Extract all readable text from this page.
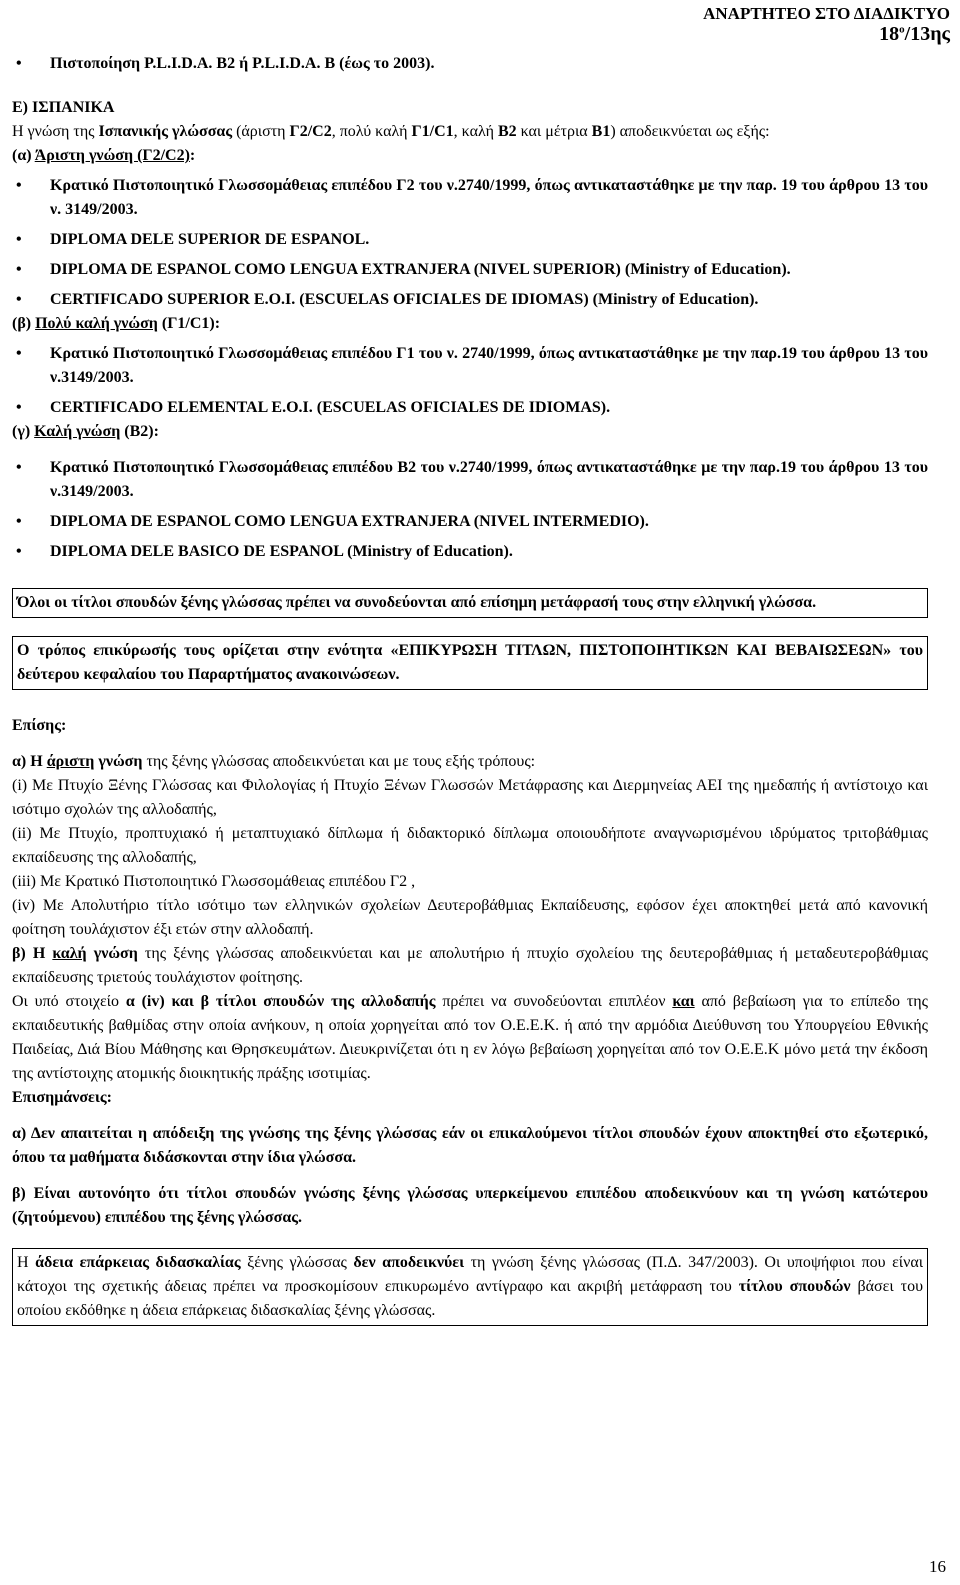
ΑΝΑΡΤΗΤΕΟ ΣΤΟ ΔΙΑΔΙΚΤΥΟ
$18^o/13\eta\varsigma$
• Πιστοποίηση P.L.I.D.A. B2 ή P.L.I.D.A. B (έως το 2003).
Ε) ΙΣΠΑΝΙΚΑ

Η γνώση της Ισπανικής γλώσσας (άριστη Γ2/C2, πολύ καλή Γ1/C1, καλή Β2 και μέτρια Β1) αποδεικνύεται ως εξής:

(α) Άριστη γνώση (Γ2/C2):
• Κρατικό Πιστοποιητικό Γλωσσομάθειας επιπέδου Γ2 του ν.2740/1999, όπως αντικαταστάθηκε με την παρ. 19 του άρθρου 13 του ν. 3149/2003.
• DIPLOMA DELE SUPERIOR DE ESPANOL.
• DIPLOMA DE ESPANOL COMO LENGUA EXTRANJERA (NIVEL SUPERIOR) (Ministry of Education).
• CERTIFICADO SUPERIOR E.O.I. (ESCUELAS OFICIALES DE IDIOMAS) (Ministry of Education).
(β) Πολύ καλή γνώση (Γ1/C1):
• Κρατικό Πιστοποιητικό Γλωσσομάθειας επιπέδου Γ1 του ν. 2740/1999, όπως αντικαταστάθηκε με την παρ.19 του άρθρου 13 του ν.3149/2003.
• CERTIFICADO ELEMENTAL E.O.I. (ESCUELAS OFICIALES DE IDIOMAS).
(γ) Καλή γνώση (Β2):
• Κρατικό Πιστοποιητικό Γλωσσομάθειας επιπέδου Β2 του ν.2740/1999, όπως αντικαταστάθηκε με την παρ.19 του άρθρου 13 του ν.3149/2003.
• DIPLOMA DE ESPANOL COMO LENGUA EXTRANJERA (NIVEL INTERMEDIO).
• DIPLOMA DELE BASICO DE ESPANOL (Ministry of Education).
Όλοι οι τίτλοι σπουδών ξένης γλώσσας πρέπει να συνοδεύονται από επίσημη μετάφρασή τους στην ελληνική γλώσσα.
Ο τρόπος επικύρωσής τους ορίζεται στην ενότητα «ΕΠΙΚΥΡΩΣΗ ΤΙΤΛΩΝ, ΠΙΣΤΟΠΟΙΗΤΙΚΩΝ ΚΑΙ ΒΕΒΑΙΩΣΕΩΝ» του δεύτερου κεφαλαίου του Παραρτήματος ανακοινώσεων.
Επίσης:

α) Η άριστη γνώση της ξένης γλώσσας αποδεικνύεται και με τους εξής τρόπους:

(i) Με Πτυχίο Ξένης Γλώσσας και Φιλολογίας ή Πτυχίο Ξένων Γλωσσών Μετάφρασης και Διερμηνείας ΑΕΙ της ημεδαπής ή αντίστοιχο και ισότιμο σχολών της αλλοδαπής,

(ii) Με Πτυχίο, προπτυχιακό ή μεταπτυχιακό δίπλωμα ή διδακτορικό δίπλωμα οποιουδήποτε αναγνωρισμένου ιδρύματος τριτοβάθμιας εκπαίδευσης της αλλοδαπής,

(iii) Με Κρατικό Πιστοποιητικό Γλωσσομάθειας επιπέδου Γ2 ,

(iv) Με Απολυτήριο τίτλο ισότιμο των ελληνικών σχολείων Δευτεροβάθμιας Εκπαίδευσης, εφόσον έχει αποκτηθεί μετά από κανονική φοίτηση τουλάχιστον έξι ετών στην αλλοδαπή.

β) Η καλή γνώση της ξένης γλώσσας αποδεικνύεται και με απολυτήριο ή πτυχίο σχολείου της δευτεροβάθμιας ή μεταδευτεροβάθμιας εκπαίδευσης τριετούς τουλάχιστον φοίτησης.

Οι υπό στοιχείο α (iv) και β τίτλοι σπουδών της αλλοδαπής πρέπει να συνοδεύονται επιπλέον και από βεβαίωση για το επίπεδο της εκπαιδευτικής βαθμίδας στην οποία ανήκουν, η οποία χορηγείται από τον Ο.Ε.Ε.Κ. ή από την αρμόδια Διεύθυνση του Υπουργείου Εθνικής Παιδείας, Διά Βίου Μάθησης και Θρησκευμάτων. Διευκρινίζεται ότι η εν λόγω βεβαίωση χορηγείται από τον Ο.Ε.Ε.Κ μόνο μετά την έκδοση της αντίστοιχης ατομικής διοικητικής πράξης ισοτιμίας.

Επισημάνσεις:

α) Δεν απαιτείται η απόδειξη της γνώσης της ξένης γλώσσας εάν οι επικαλούμενοι τίτλοι σπουδών έχουν αποκτηθεί στο εξωτερικό, όπου τα μαθήματα διδάσκονται στην ίδια γλώσσα.

β) Είναι αυτονόητο ότι τίτλοι σπουδών γνώσης ξένης γλώσσας υπερκείμενου επιπέδου αποδεικνύουν και τη γνώση κατώτερου (ζητούμενου) επιπέδου της ξένης γλώσσας.

Η άδεια επάρκειας διδασκαλίας ξένης γλώσσας δεν αποδεικνύει τη γνώση ξένης γλώσσας (Π.Δ. 347/2003). Οι υποψήφιοι που είναι κάτοχοι της σχετικής άδειας πρέπει να προσκομίσουν επικυρωμένο αντίγραφο και ακριβή μετάφραση του τίτλου σπουδών βάσει του οποίου εκδόθηκε η άδεια επάρκειας διδασκαλίας ξένης γλώσσας.
16
